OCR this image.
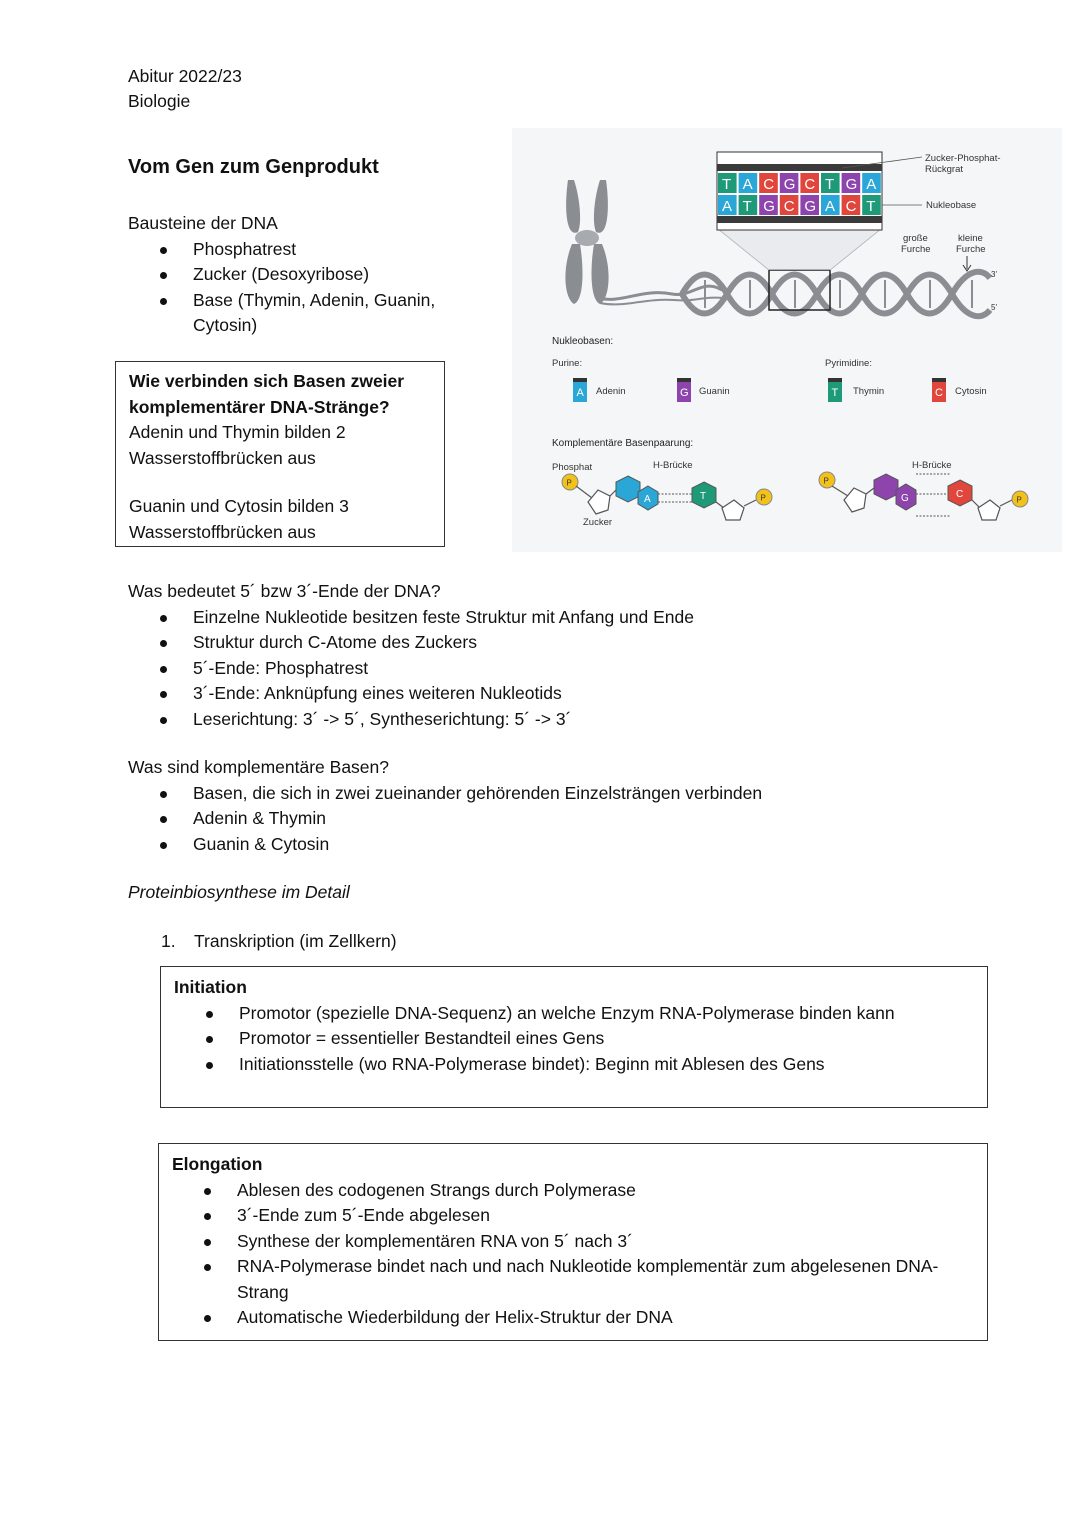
Abitur 2022/23
Biologie
Vom Gen zum Genprodukt
Bausteine der DNA
Phosphatrest
Zucker (Desoxyribose)
Base (Thymin, Adenin, Guanin,
Cytosin)
Wie verbinden sich Basen zweier
komplementärer DNA-Stränge?
Adenin und Thymin bilden 2
Wasserstoffbrücken aus
Guanin und Cytosin bilden 3
Wasserstoffbrücken aus
T A C G C T G A
A T G C G A C T
Zucker-Phosphat-
Rückgrat
Nukleobase
große
Furche
kleine
Furche
3'
5'
Nukleobasen:
Purine:	Pyrimidine:
A Adenin	G Guanin	T Thymin	C Cytosin
Komplementäre Basenpaarung:
Phosphat	H-Brücke	H-Brücke
Zucker
P
A	T	P
P
G	C	P
Was bedeutet 5´ bzw 3´-Ende der DNA?
Einzelne Nukleotide besitzen feste Struktur mit Anfang und Ende
Struktur durch C-Atome des Zuckers
5´-Ende: Phosphatrest
3´-Ende: Anknüpfung eines weiteren Nukleotids
Leserichtung: 3´ -> 5´, Syntheserichtung: 5´ -> 3´
Was sind komplementäre Basen?
Basen, die sich in zwei zueinander gehörenden Einzelsträngen verbinden
Adenin & Thymin
Guanin & Cytosin
Proteinbiosynthese im Detail
1. Transkription (im Zellkern)
Initiation
Promotor (spezielle DNA-Sequenz) an welche Enzym RNA-Polymerase binden kann
Promotor = essentieller Bestandteil eines Gens
Initiationsstelle (wo RNA-Polymerase bindet): Beginn mit Ablesen des Gens
Elongation
Ablesen des codogenen Strangs durch Polymerase
3´-Ende zum 5´-Ende abgelesen
Synthese der komplementären RNA von 5´ nach 3´
RNA-Polymerase bindet nach und nach Nukleotide komplementär zum abgelesenen DNA-
Strang
Automatische Wiederbildung der Helix-Struktur der DNA
